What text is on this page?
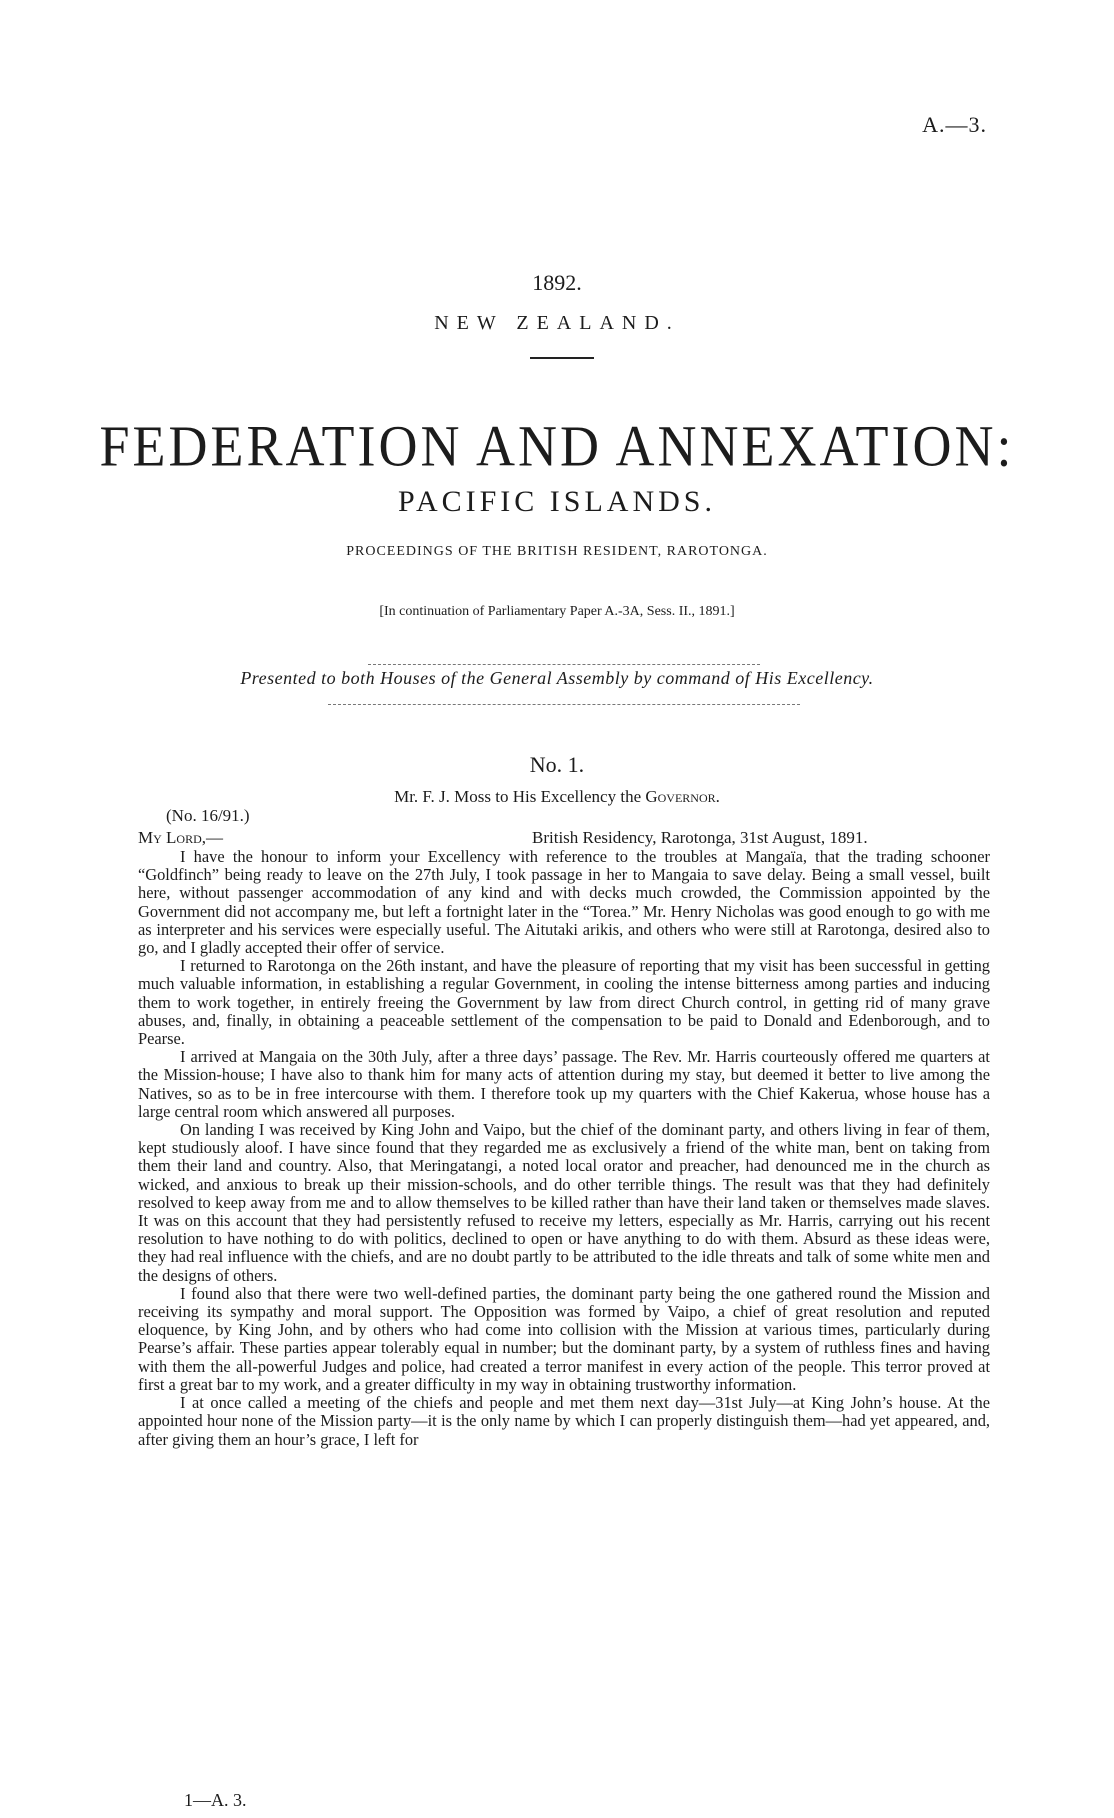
A.—3.
1892.
NEW ZEALAND.
FEDERATION AND ANNEXATION:
PACIFIC ISLANDS.
PROCEEDINGS OF THE BRITISH RESIDENT, RAROTONGA.
[In continuation of Parliamentary Paper A.-3A, Sess. II., 1891.]
Presented to both Houses of the General Assembly by command of His Excellency.
No. 1.
Mr. F. J. Moss to His Excellency the Governor.
(No. 16/91.)
My Lord,—	British Residency, Rarotonga, 31st August, 1891.

I have the honour to inform your Excellency with reference to the troubles at Mangaïa, that the trading schooner “Goldfinch” being ready to leave on the 27th July, I took passage in her to Mangaia to save delay. Being a small vessel, built here, without passenger accommodation of any kind and with decks much crowded, the Commission appointed by the Government did not accompany me, but left a fortnight later in the “Torea.” Mr. Henry Nicholas was good enough to go with me as interpreter and his services were especially useful. The Aitutaki arikis, and others who were still at Rarotonga, desired also to go, and I gladly accepted their offer of service.

I returned to Rarotonga on the 26th instant, and have the pleasure of reporting that my visit has been successful in getting much valuable information, in establishing a regular Government, in cooling the intense bitterness among parties and inducing them to work together, in entirely freeing the Government by law from direct Church control, in getting rid of many grave abuses, and, finally, in obtaining a peaceable settlement of the compensation to be paid to Donald and Edenborough, and to Pearse.

I arrived at Mangaia on the 30th July, after a three days’ passage. The Rev. Mr. Harris courteously offered me quarters at the Mission-house; I have also to thank him for many acts of attention during my stay, but deemed it better to live among the Natives, so as to be in free intercourse with them. I therefore took up my quarters with the Chief Kakerua, whose house has a large central room which answered all purposes.

On landing I was received by King John and Vaipo, but the chief of the dominant party, and others living in fear of them, kept studiously aloof. I have since found that they regarded me as exclusively a friend of the white man, bent on taking from them their land and country. Also, that Meringatangi, a noted local orator and preacher, had denounced me in the church as wicked, and anxious to break up their mission-schools, and do other terrible things. The result was that they had definitely resolved to keep away from me and to allow themselves to be killed rather than have their land taken or themselves made slaves. It was on this account that they had persistently refused to receive my letters, especially as Mr. Harris, carrying out his recent resolution to have nothing to do with politics, declined to open or have anything to do with them. Absurd as these ideas were, they had real influence with the chiefs, and are no doubt partly to be attributed to the idle threats and talk of some white men and the designs of others.

I found also that there were two well-defined parties, the dominant party being the one gathered round the Mission and receiving its sympathy and moral support. The Opposition was formed by Vaipo, a chief of great resolution and reputed eloquence, by King John, and by others who had come into collision with the Mission at various times, particularly during Pearse’s affair. These parties appear tolerably equal in number; but the dominant party, by a system of ruthless fines and having with them the all-powerful Judges and police, had created a terror manifest in every action of the people. This terror proved at first a great bar to my work, and a greater difficulty in my way in obtaining trustworthy information.

I at once called a meeting of the chiefs and people and met them next day—31st July—at King John’s house. At the appointed hour none of the Mission party—it is the only name by which I can properly distinguish them—had yet appeared, and, after giving them an hour’s grace, I left for

1—A. 3.
